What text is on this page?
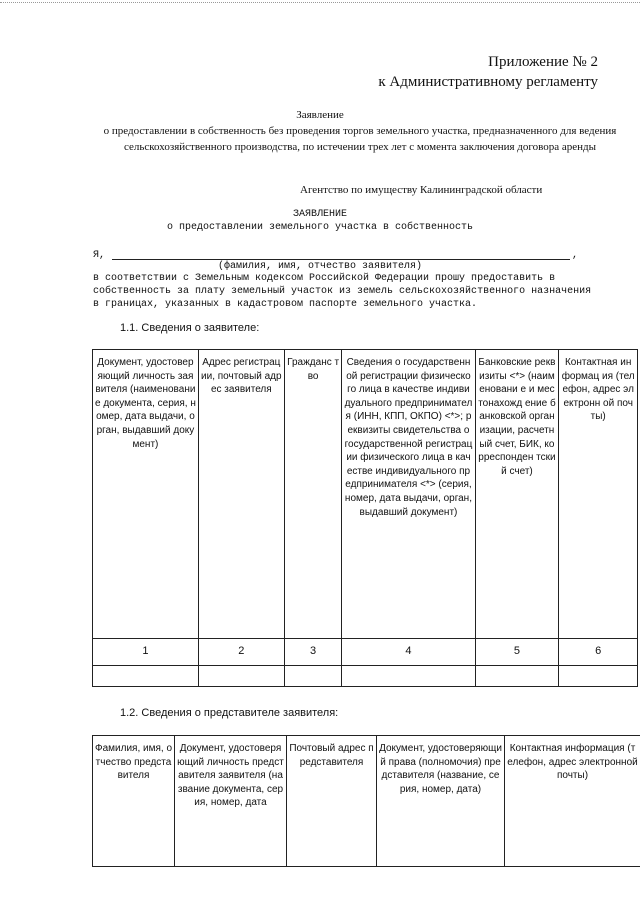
Приложение № 2
к Административному регламенту
Заявление
о предоставлении в собственность без проведения торгов земельного участка, предназначенного для ведения сельскохозяйственного производства, по истечении трех лет с момента заключения договора аренды
Агентство по имуществу Калининградской области
ЗАЯВЛЕНИЕ
о предоставлении земельного участка в собственность
Я,	,
(фамилия, имя, отчество заявителя)
в соответствии с Земельным кодексом Российской Федерации прошу предоставить в собственность за плату земельный участок из земель сельскохозяйственного назначения в границах, указанных в кадастровом паспорте земельного участка.
1.1. Сведения о заявителе:
Документ, удостоверяющий личность заявителя (наименование документа, серия, номер, дата выдачи, орган, выдавший документ)	Адрес регистрации, почтовый адрес заявителя	Гражданс тво	Сведения о государственной регистрации физического лица в качестве индивидуального предпринимателя (ИНН, КПП, ОКПО) <*>; реквизиты свидетельства о государственной регистрации физического лица в качестве индивидуального предпринимателя <*> (серия, номер, дата выдачи, орган, выдавший документ)	Банковские реквизиты <*> (наименовани е и местонахожд ение банковской организации, расчетный счет, БИК, корреспонден тский счет)	Контактная информац ия (телефон, адрес электронн ой почты)
1	2	3	4	5	6

1.2. Сведения о представителе заявителя:
Фамилия, имя, отчество представителя	Документ, удостоверяющий личность представителя заявителя (название документа, серия, номер, дата	Почтовый адрес представителя	Документ, удостоверяющий права (полномочия) представителя (название, серия, номер, дата)	Контактная информация (телефон, адрес электронной почты)
